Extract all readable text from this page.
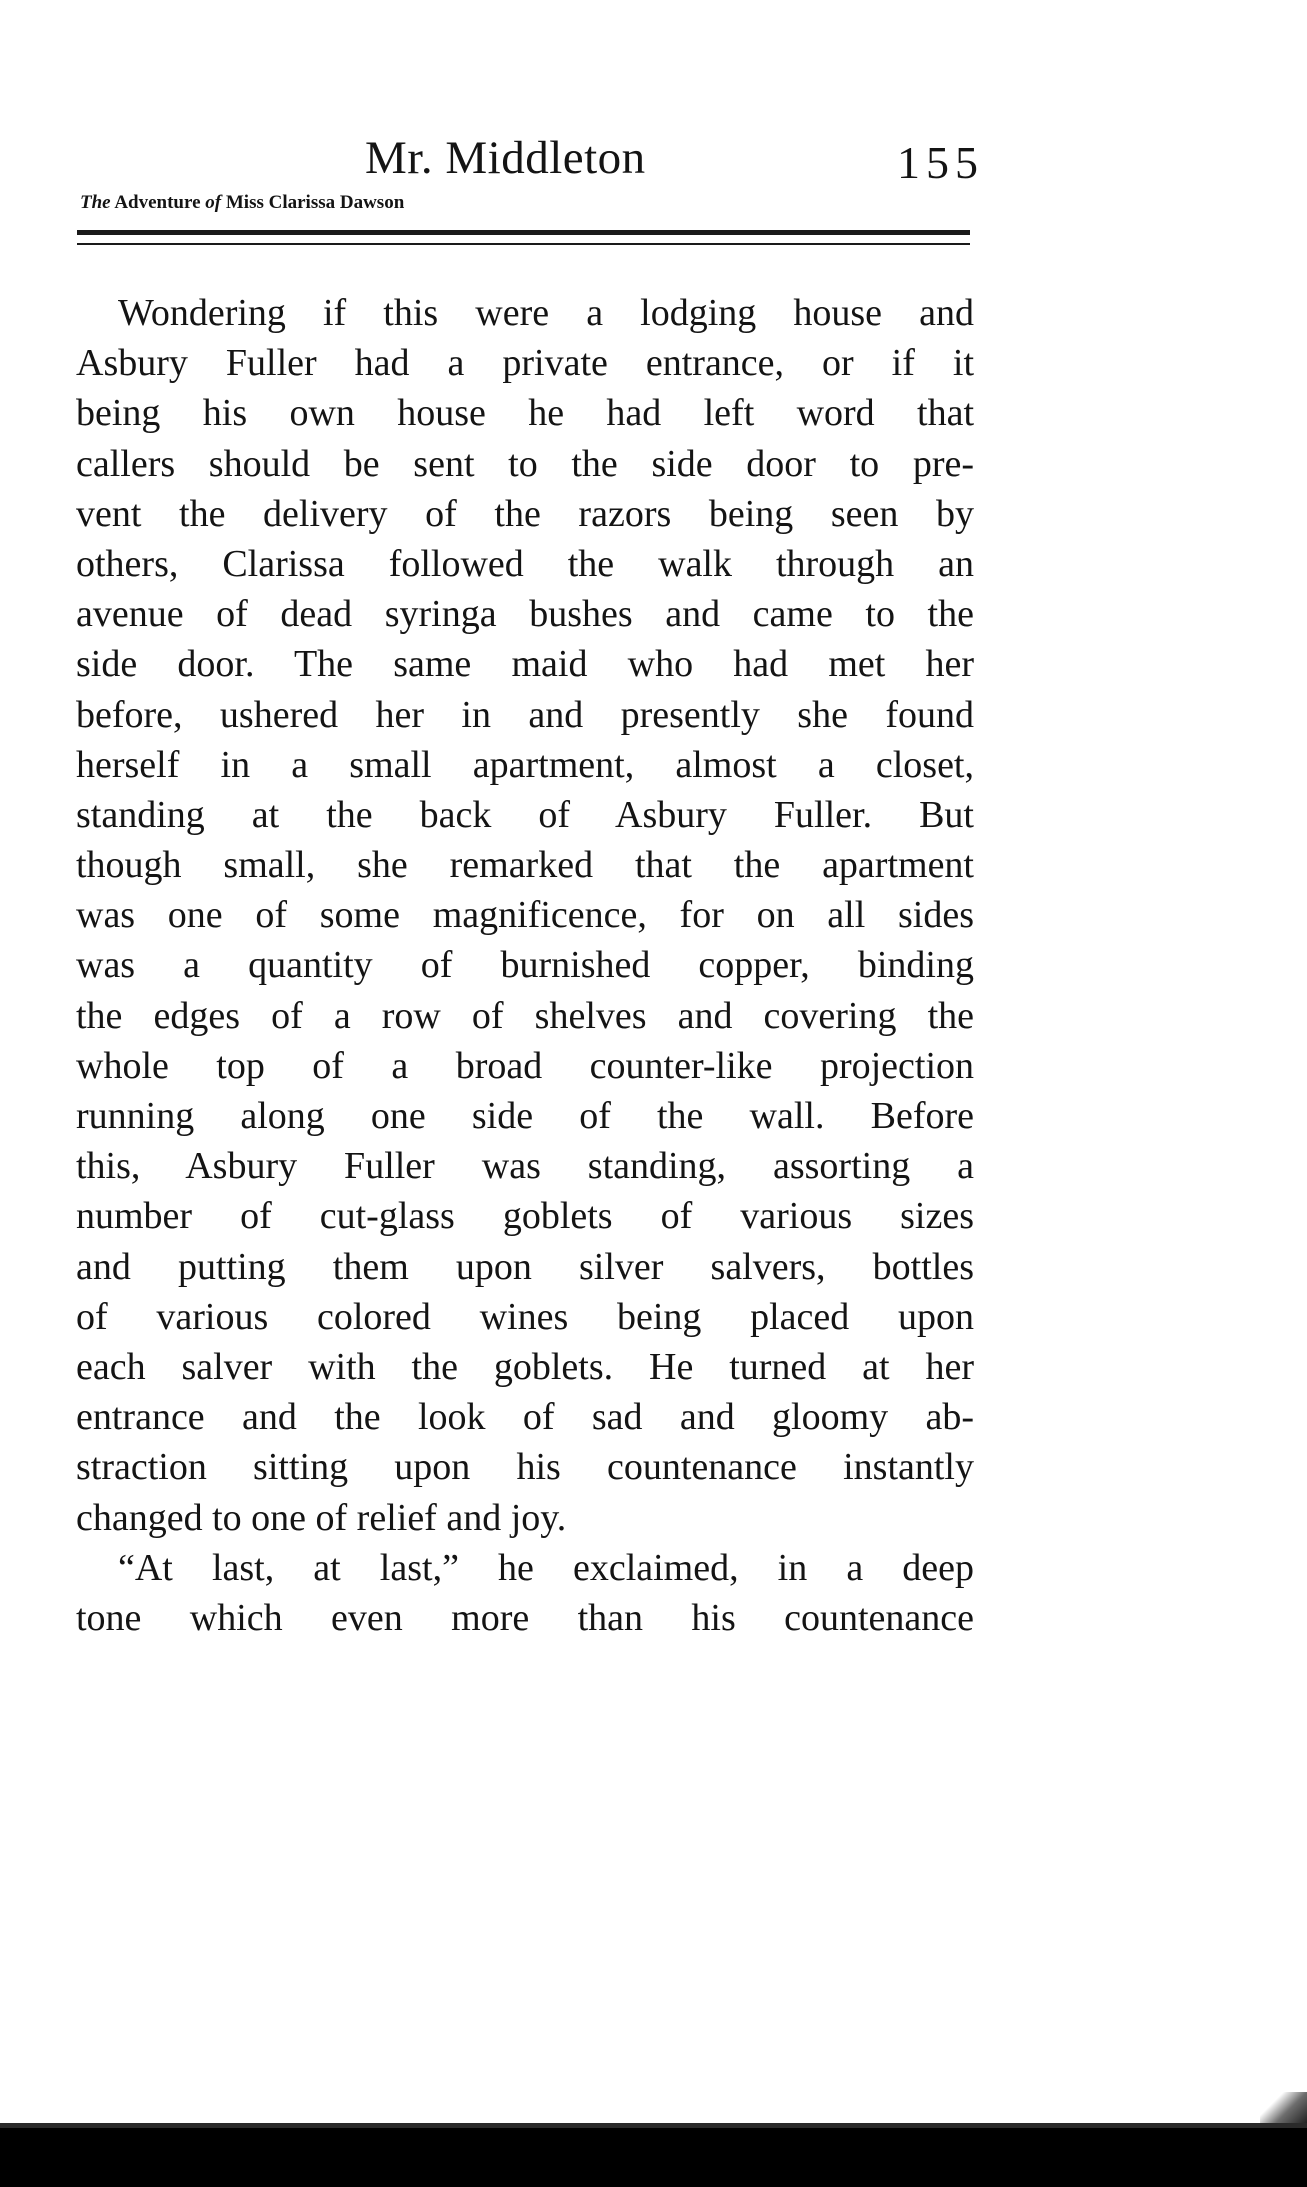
Mr. Middleton	155
The Adventure of Miss Clarissa Dawson
Wondering if this were a lodging house and
Asbury Fuller had a private entrance, or if it
being his own house he had left word that
callers should be sent to the side door to pre-
vent the delivery of the razors being seen by
others, Clarissa followed the walk through an
avenue of dead syringa bushes and came to the
side door. The same maid who had met her
before, ushered her in and presently she found
herself in a small apartment, almost a closet,
standing at the back of Asbury Fuller. But
though small, she remarked that the apartment
was one of some magnificence, for on all sides
was a quantity of burnished copper, binding
the edges of a row of shelves and covering the
whole top of a broad counter-like projection
running along one side of the wall. Before
this, Asbury Fuller was standing, assorting a
number of cut-glass goblets of various sizes
and putting them upon silver salvers, bottles
of various colored wines being placed upon
each salver with the goblets. He turned at her
entrance and the look of sad and gloomy ab-
straction sitting upon his countenance instantly
changed to one of relief and joy.
“At last, at last,” he exclaimed, in a deep
tone which even more than his countenance
